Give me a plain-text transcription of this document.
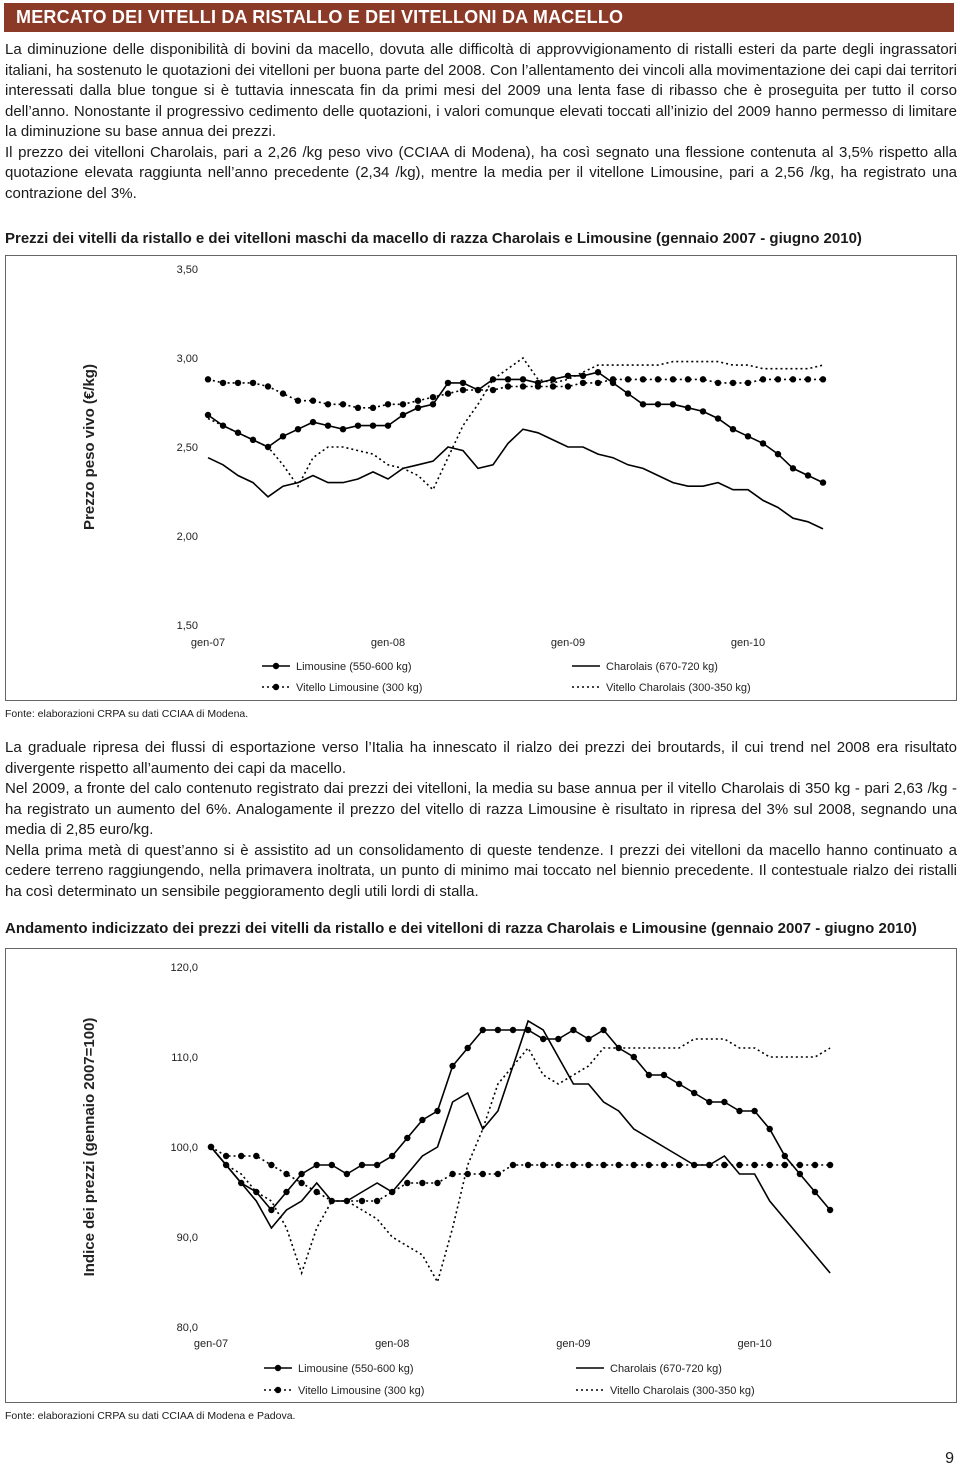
MERCATO DEI VITELLI DA RISTALLO E DEI VITELLONI DA MACELLO

La diminuzione delle disponibilità di bovini da macello, dovuta alle difficoltà di approvvigionamento di ristalli esteri da parte degli ingrassatori italiani, ha sostenuto le quotazioni dei vitelloni per buona parte del 2008. Con l’allentamento dei vincoli alla movimentazione dei capi dai territori interessati dalla blue tongue si è tuttavia innescata fin da primi mesi del 2009 una lenta fase di ribasso che è proseguita per tutto il corso dell’anno. Nonostante il progressivo cedimento delle quotazioni, i valori comunque elevati toccati all’inizio del 2009 hanno permesso di limitare la diminuzione su base annua dei prezzi.

Il prezzo dei vitelloni Charolais, pari a 2,26 /kg peso vivo (CCIAA di Modena), ha così segnato una flessione contenuta al 3,5% rispetto alla quotazione elevata raggiunta nell’anno precedente (2,34 /kg), mentre la media per il vitellone Limousine, pari a 2,56 /kg, ha registrato una contrazione del 3%.

Prezzi dei vitelli da ristallo e dei vitelloni maschi da macello di razza Charolais e Limousine (gennaio 2007 - giugno 2010)
Prezzo peso vivo (€/kg)
3,50
3,00
2,50
2,00
1,50
gen-07	gen-08	gen-09	gen-10
Limousine (550-600 kg)	Charolais (670-720 kg)
Vitello Limousine (300 kg)	Vitello Charolais (300-350 kg)
Fonte: elaborazioni CRPA su dati CCIAA di Modena.

La graduale ripresa dei flussi di esportazione verso l’Italia ha innescato il rialzo dei prezzi dei broutards, il cui trend nel 2008 era risultato divergente rispetto all’aumento dei capi da macello.

Nel 2009, a fronte del calo contenuto registrato dai prezzi dei vitelloni, la media su base annua per il vitello Charolais di 350 kg - pari 2,63 /kg - ha registrato un aumento del 6%. Analogamente il prezzo del vitello di razza Limousine è risultato in ripresa del 3% sul 2008, segnando una media di 2,85 euro/kg.

Nella prima metà di quest’anno si è assistito ad un consolidamento di queste tendenze. I prezzi dei vitelloni da macello hanno continuato a cedere terreno raggiungendo, nella primavera inoltrata, un punto di minimo mai toccato nel biennio precedente. Il contestuale rialzo dei ristalli ha così determinato un sensibile peggioramento degli utili lordi di stalla.

Andamento indicizzato dei prezzi dei vitelli da ristallo e dei vitelloni di razza Charolais e Limousine (gennaio 2007 - giugno 2010)
Indice dei prezzi (gennaio 2007=100)
120,0
110,0
100,0
90,0
80,0
gen-07	gen-08	gen-09	gen-10
Limousine (550-600 kg)	Charolais (670-720 kg)
Vitello Limousine (300 kg)	Vitello Charolais (300-350 kg)
Fonte: elaborazioni CRPA su dati CCIAA di Modena e Padova.
9
